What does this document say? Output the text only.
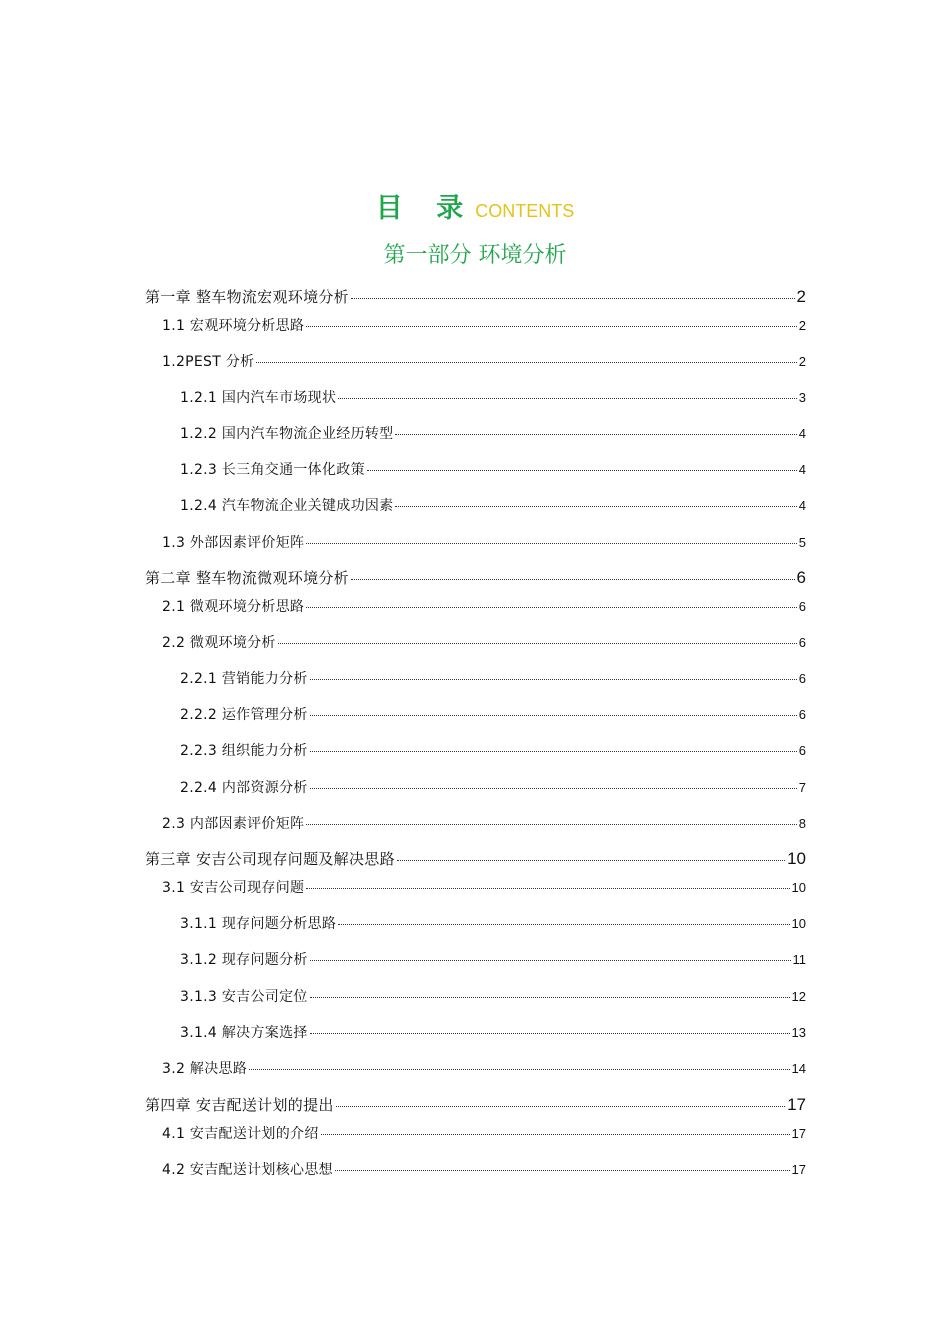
目 录CONTENTS
第一部分 环境分析
第一章 整车物流宏观环境分析	2
1.1 宏观环境分析思路	2
1.2PEST 分析	2
1.2.1 国内汽车市场现状	3
1.2.2 国内汽车物流企业经历转型	4
1.2.3 长三角交通一体化政策	4
1.2.4 汽车物流企业关键成功因素	4
1.3 外部因素评价矩阵	5
第二章 整车物流微观环境分析	6
2.1 微观环境分析思路	6
2.2 微观环境分析	6
2.2.1 营销能力分析	6
2.2.2 运作管理分析	6
2.2.3 组织能力分析	6
2.2.4 内部资源分析	7
2.3 内部因素评价矩阵	8
第三章 安吉公司现存问题及解决思路	10
3.1 安吉公司现存问题	10
3.1.1 现存问题分析思路	10
3.1.2 现存问题分析	11
3.1.3 安吉公司定位	12
3.1.4 解决方案选择	13
3.2 解决思路	14
第四章 安吉配送计划的提出	17
4.1 安吉配送计划的介绍	17
4.2 安吉配送计划核心思想	17
